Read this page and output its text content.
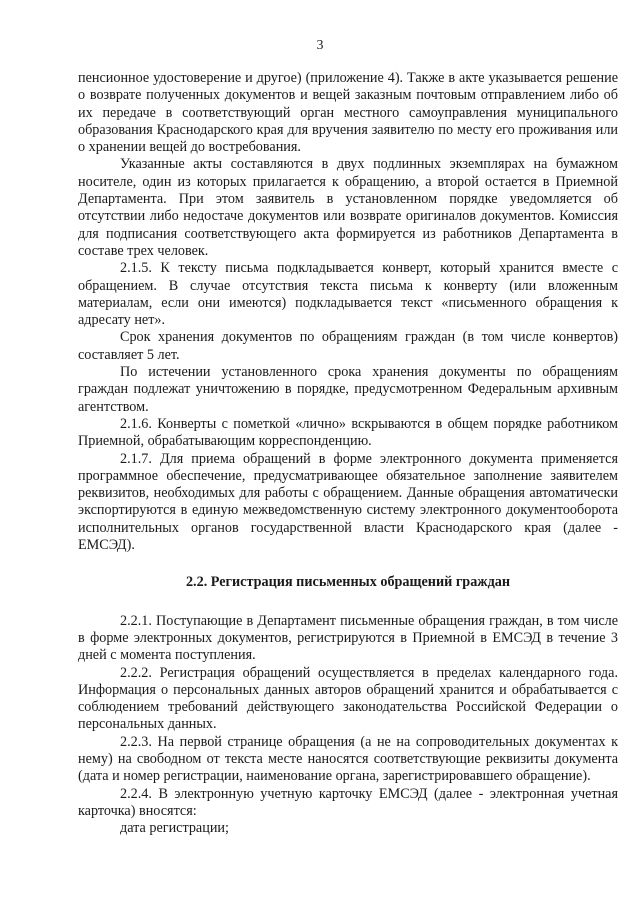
3

пенсионное удостоверение и другое) (приложение 4). Также в акте указывается решение о возврате полученных документов и вещей заказным почтовым отправлением либо об их передаче в соответствующий орган местного самоуправления муниципального образования Краснодарского края для вручения заявителю по месту его проживания или о хранении вещей до востребования.

Указанные акты составляются в двух подлинных экземплярах на бумажном носителе, один из которых прилагается к обращению, а второй остается в Приемной Департамента. При этом заявитель в установленном порядке уведомляется об отсутствии либо недостаче документов или возврате оригиналов документов. Комиссия для подписания соответствующего акта формируется из работников Департамента в составе трех человек.

2.1.5. К тексту письма подкладывается конверт, который хранится вместе с обращением. В случае отсутствия текста письма к конверту (или вложенным материалам, если они имеются) подкладывается текст «письменного обращения к адресату нет».

Срок хранения документов по обращениям граждан (в том числе конвертов) составляет 5 лет.

По истечении установленного срока хранения документы по обращениям граждан подлежат уничтожению в порядке, предусмотренном Федеральным архивным агентством.

2.1.6. Конверты с пометкой «лично» вскрываются в общем порядке работником Приемной, обрабатывающим корреспонденцию.

2.1.7. Для приема обращений в форме электронного документа применяется программное обеспечение, предусматривающее обязательное заполнение заявителем реквизитов, необходимых для работы с обращением. Данные обращения автоматически экспортируются в единую межведомственную систему электронного документооборота исполнительных органов государственной власти Краснодарского края (далее - ЕМСЭД).

2.2. Регистрация письменных обращений граждан

2.2.1. Поступающие в Департамент письменные обращения граждан, в том числе в форме электронных документов, регистрируются в Приемной в ЕМСЭД в течение 3 дней с момента поступления.

2.2.2. Регистрация обращений осуществляется в пределах календарного года. Информация о персональных данных авторов обращений хранится и обрабатывается с соблюдением требований действующего законодательства Российской Федерации о персональных данных.

2.2.3. На первой странице обращения (а не на сопроводительных документах к нему) на свободном от текста месте наносятся соответствующие реквизиты документа (дата и номер регистрации, наименование органа, зарегистрировавшего обращение).

2.2.4. В электронную учетную карточку ЕМСЭД (далее - электронная учетная карточка) вносятся:

дата регистрации;
